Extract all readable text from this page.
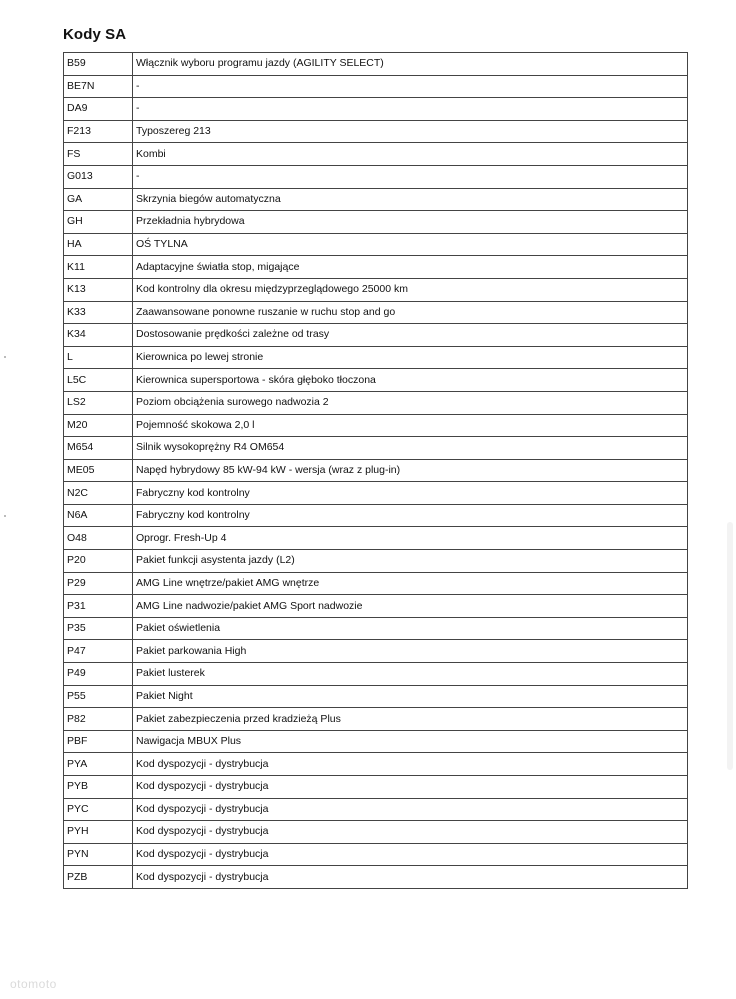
Kody SA
B59	Włącznik wyboru programu jazdy (AGILITY SELECT)
BE7N	-
DA9	-
F213	Typoszereg 213
FS	Kombi
G013	-
GA	Skrzynia biegów automatyczna
GH	Przekładnia hybrydowa
HA	OŚ TYLNA
K11	Adaptacyjne światła stop, migające
K13	Kod kontrolny dla okresu międzyprzeglądowego 25000 km
K33	Zaawansowane ponowne ruszanie w ruchu stop and go
K34	Dostosowanie prędkości zależne od trasy
L	Kierownica po lewej stronie
L5C	Kierownica supersportowa - skóra głęboko tłoczona
LS2	Poziom obciążenia surowego nadwozia 2
M20	Pojemność skokowa 2,0 l
M654	Silnik wysokoprężny R4 OM654
ME05	Napęd hybrydowy 85 kW-94 kW - wersja (wraz z plug-in)
N2C	Fabryczny kod kontrolny
N6A	Fabryczny kod kontrolny
O48	Oprogr. Fresh-Up 4
P20	Pakiet funkcji asystenta jazdy (L2)
P29	AMG Line wnętrze/pakiet AMG wnętrze
P31	AMG Line nadwozie/pakiet AMG Sport nadwozie
P35	Pakiet oświetlenia
P47	Pakiet parkowania High
P49	Pakiet lusterek
P55	Pakiet Night
P82	Pakiet zabezpieczenia przed kradzieżą Plus
PBF	Nawigacja MBUX Plus
PYA	Kod dyspozycji - dystrybucja
PYB	Kod dyspozycji - dystrybucja
PYC	Kod dyspozycji - dystrybucja
PYH	Kod dyspozycji - dystrybucja
PYN	Kod dyspozycji - dystrybucja
PZB	Kod dyspozycji - dystrybucja
otomoto
